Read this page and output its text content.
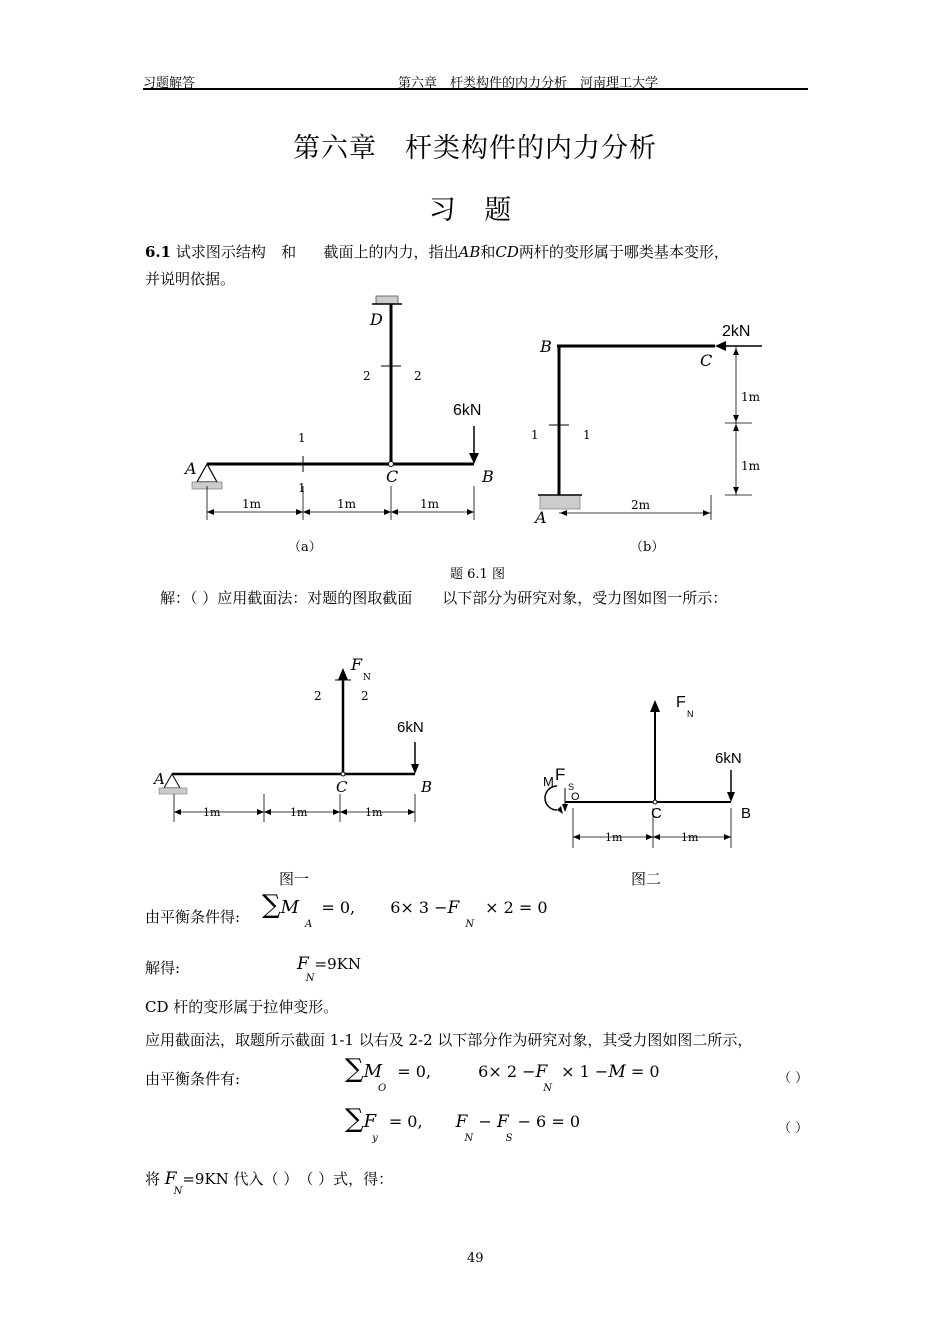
习题解答	第六章　杆类构件的内力分析　河南理工大学
第六章　杆类构件的内力分析
习 题
6.1 试求图示结构 和 截面上的内力，指出AB和CD两杆的变形属于哪类基本变形，
并说明依据。
D
2	2
1
1
6kN
A	C	B
1m	1m	1m
（a）
B
2kN
C
1m
1m
1	1
2m
A
（b）
题 6.1 图
解：（ ）应用截面法：对题的图取截面　　以下部分为研究对象，受力图如图一所示：
F
N
2	2
6kN
A	C	B
1m	1m	1m
图一
F
N
6kN
M F
S
O
C	B
1m	1m
图二
由平衡条件得: $\sum M_A = 0$, $6\times 3 -F_N \times 2 = 0$
解得:	$F_N=9KN$
CD 杆的变形属于拉伸变形。
应用截面法，取题所示截面 1-1 以右及 2-2 以下部分作为研究对象，其受力图如图二所示，
由平衡条件有:	$\sum M_O = 0$,	$6\times 2 -F_N \times 1 -M = 0$	（ ）
$\sum F_y = 0$, $F_N - F_S - 6 = 0$	（ ）
将 $F_N=9KN$ 代入（ ）　（ ）式，得：
49
